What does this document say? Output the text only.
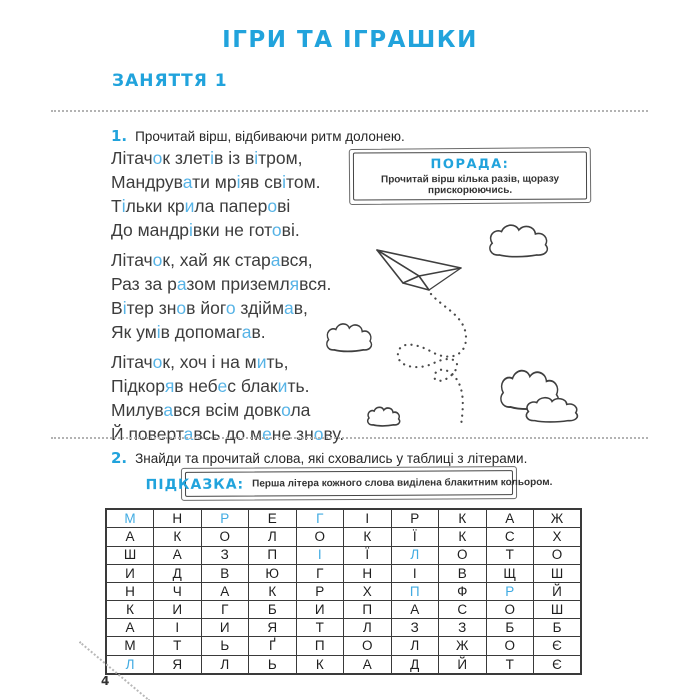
ІГРИ ТА ІГРАШКИ
ЗАНЯТТЯ 1
1. Прочитай вірш, відбиваючи ритм долонею.
Літачок злетів із вітром,
Мандрувати мріяв світом.
Тільки крила паперові
До мандрівки не готові.
Літачок, хай як старався,
Раз за разом приземлявся.
Вітер знов його здіймав,
Як умів допомагав.
Літачок, хоч і на мить,
Підкоряв небес блакить.
Милувався всім довкола
Й повертавсь до мене знову.
ПОРАДА:
Прочитай вірш кілька разів, щоразу прискорюючись.
2. Знайди та прочитай слова, які сховались у таблиці з літерами.
ПІДКАЗКА: Перша літера кожного слова виділена блакитним кольором.
М	Н	Р	Е	Г	І	Р	К	А	Ж
А	К	О	Л	О	К	Ї	К	С	Х
Ш	А	З	П	І	Ї	Л	О	Т	О
И	Д	В	Ю	Г	Н	І	В	Щ	Ш
Н	Ч	А	К	Р	Х	П	Ф	Р	Й
К	И	Г	Б	И	П	А	С	О	Ш
А	І	И	Я	Т	Л	З	З	Б	Б
М	Т	Ь	Ґ	П	О	Л	Ж	О	Є
Л	Я	Л	Ь	К	А	Д	Й	Т	Є
4
